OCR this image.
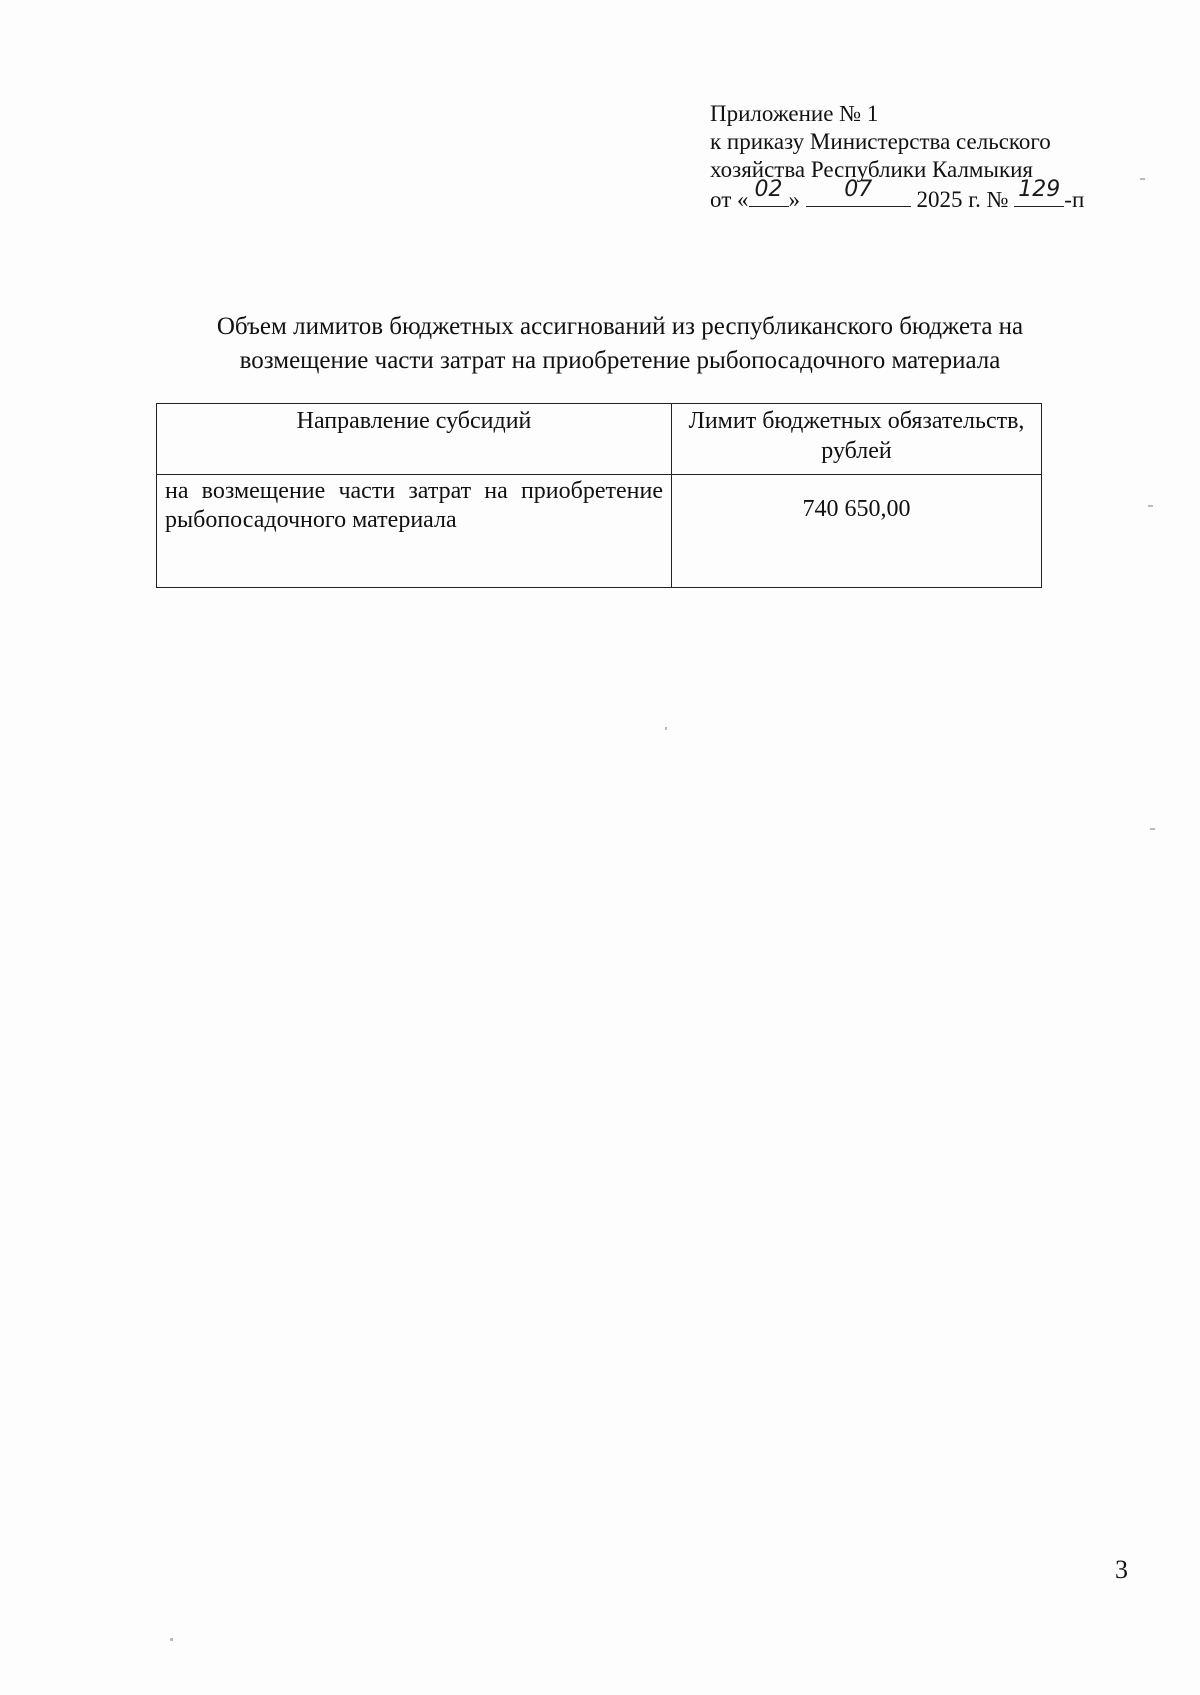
Приложение № 1
к приказу Министерства сельского
хозяйства Республики Калмыкия
от « 02 »	07	2025 г. № 129 -п
Объем лимитов бюджетных ассигнований из республиканского бюджета на
возмещение части затрат на приобретение рыбопосадочного материала
Направление субсидий	Лимит бюджетных обязательств, рублей
на возмещение части затрат на приобретение рыбопосадочного материала	740 650,00
3
